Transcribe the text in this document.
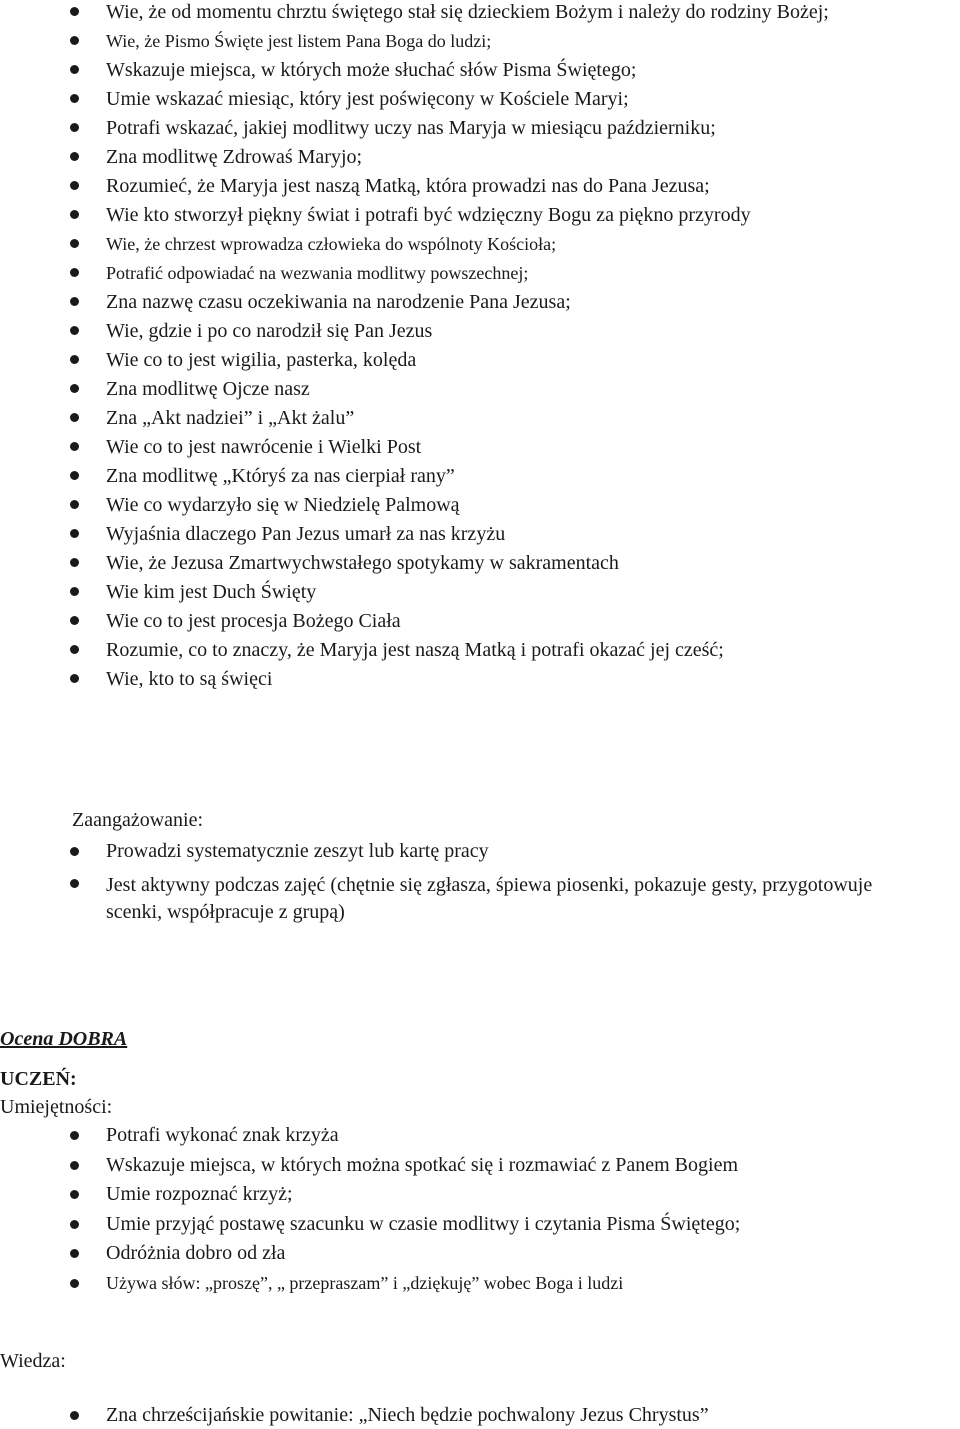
Wie, że od momentu chrztu świętego stał się dzieckiem Bożym i należy do rodziny Bożej;
Wie, że Pismo Święte jest listem Pana Boga do ludzi;
Wskazuje miejsca, w których może słuchać słów Pisma Świętego;
Umie wskazać miesiąc, który jest poświęcony w Kościele Maryi;
Potrafi wskazać, jakiej modlitwy uczy nas Maryja w miesiącu październiku;
Zna modlitwę Zdrowaś Maryjo;
Rozumieć, że Maryja jest naszą Matką, która prowadzi nas do Pana Jezusa;
Wie kto stworzył piękny świat i potrafi być wdzięczny Bogu za piękno przyrody
Wie, że chrzest wprowadza człowieka do wspólnoty Kościoła;
Potrafić odpowiadać na wezwania modlitwy powszechnej;
Zna nazwę czasu oczekiwania na narodzenie Pana Jezusa;
Wie, gdzie i po co narodził się Pan Jezus
Wie co to jest wigilia, pasterka, kolęda
Zna modlitwę Ojcze nasz
Zna „Akt nadziei” i „Akt żalu”
Wie co to jest nawrócenie i Wielki Post
Zna modlitwę „Któryś za nas cierpiał rany”
Wie co wydarzyło się w Niedzielę Palmową
Wyjaśnia dlaczego Pan Jezus umarł za nas krzyżu
Wie, że Jezusa Zmartwychwstałego spotykamy w sakramentach
Wie kim jest Duch Święty
Wie co to jest procesja Bożego Ciała
Rozumie, co to znaczy, że Maryja jest naszą Matką i potrafi okazać jej cześć;
Wie, kto to są święci
Zaangażowanie:
Prowadzi systematycznie zeszyt lub kartę pracy
Jest aktywny podczas zajęć (chętnie się zgłasza, śpiewa piosenki, pokazuje gesty, przygotowuje scenki, współpracuje z grupą)
Ocena DOBRA
UCZEŃ:
Umiejętności:
Potrafi wykonać znak krzyża
Wskazuje miejsca, w których można spotkać się i rozmawiać z Panem Bogiem
Umie rozpoznać krzyż;
Umie przyjąć postawę szacunku w czasie modlitwy i czytania Pisma Świętego;
Odróżnia dobro od zła
Używa słów: „proszę”, „ przepraszam” i „dziękuję” wobec Boga i ludzi
Wiedza:
Zna chrześcijańskie powitanie: „Niech będzie pochwalony Jezus Chrystus”
